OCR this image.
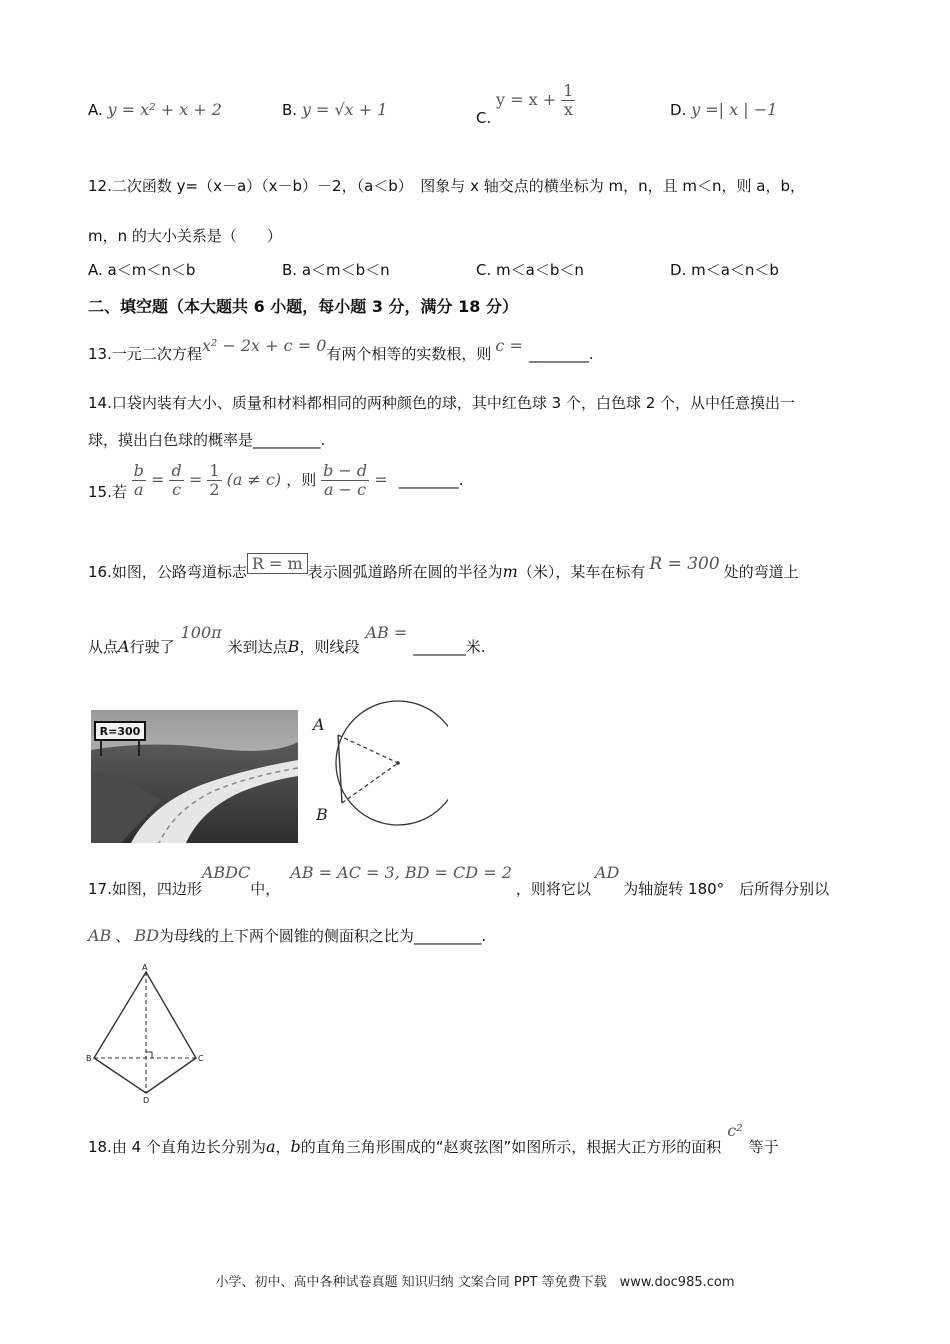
A. y = x² + x + 2	B. y = √x + 1	C. $y = x + \frac{1}{x}$	D. y =| x | −1
12.二次函数 y=（x－a）（x－b）－2，（a＜b）　图象与 x 轴交点的横坐标为 m，n，且 m＜n，则 a，b，
m，n 的大小关系是（　　）
A. a＜m＜n＜b	B. a＜m＜b＜n	C. m＜a＜b＜n	D. m＜a＜n＜b
二、填空题（本大题共 6 小题，每小题 3 分，满分 18 分）
13.一元二次方程x² − 2x + c = 0有两个相等的实数根，则 c = ________.
14.口袋内装有大小、质量和材料都相同的两种颜色的球，其中红色球 3 个，白色球 2 个，从中任意摸出一
球，摸出白色球的概率是_________.
15.若 $\frac{b}{a} = \frac{d}{c} = \frac{1}{2} (a \ne c)$ ，则 $\frac{b - d}{a - c}$ = ________.
16.如图，公路弯道标志 R = m 表示圆弧道路所在圆的半径为m（米），某车在标有 R = 300 处的弯道上
从点A行驶了100π米到达点B，则线段AB =_______米.
R=300	A
B
17.如图，四边形ABDC中，AB = AC = 3, BD = CD = 2，则将它以AD为轴旋转 180°　后所得分别以
AB 、 BD为母线的上下两个圆锥的侧面积之比为_________.
A
B	C
D
18.由 4 个直角边长分别为a，b的直角三角形围成的“赵爽弦图”如图所示，根据大正方形的面积c²等于
小学、初中、高中各种试卷真题 知识归纳 文案合同 PPT 等免费下载　www.doc985.com
